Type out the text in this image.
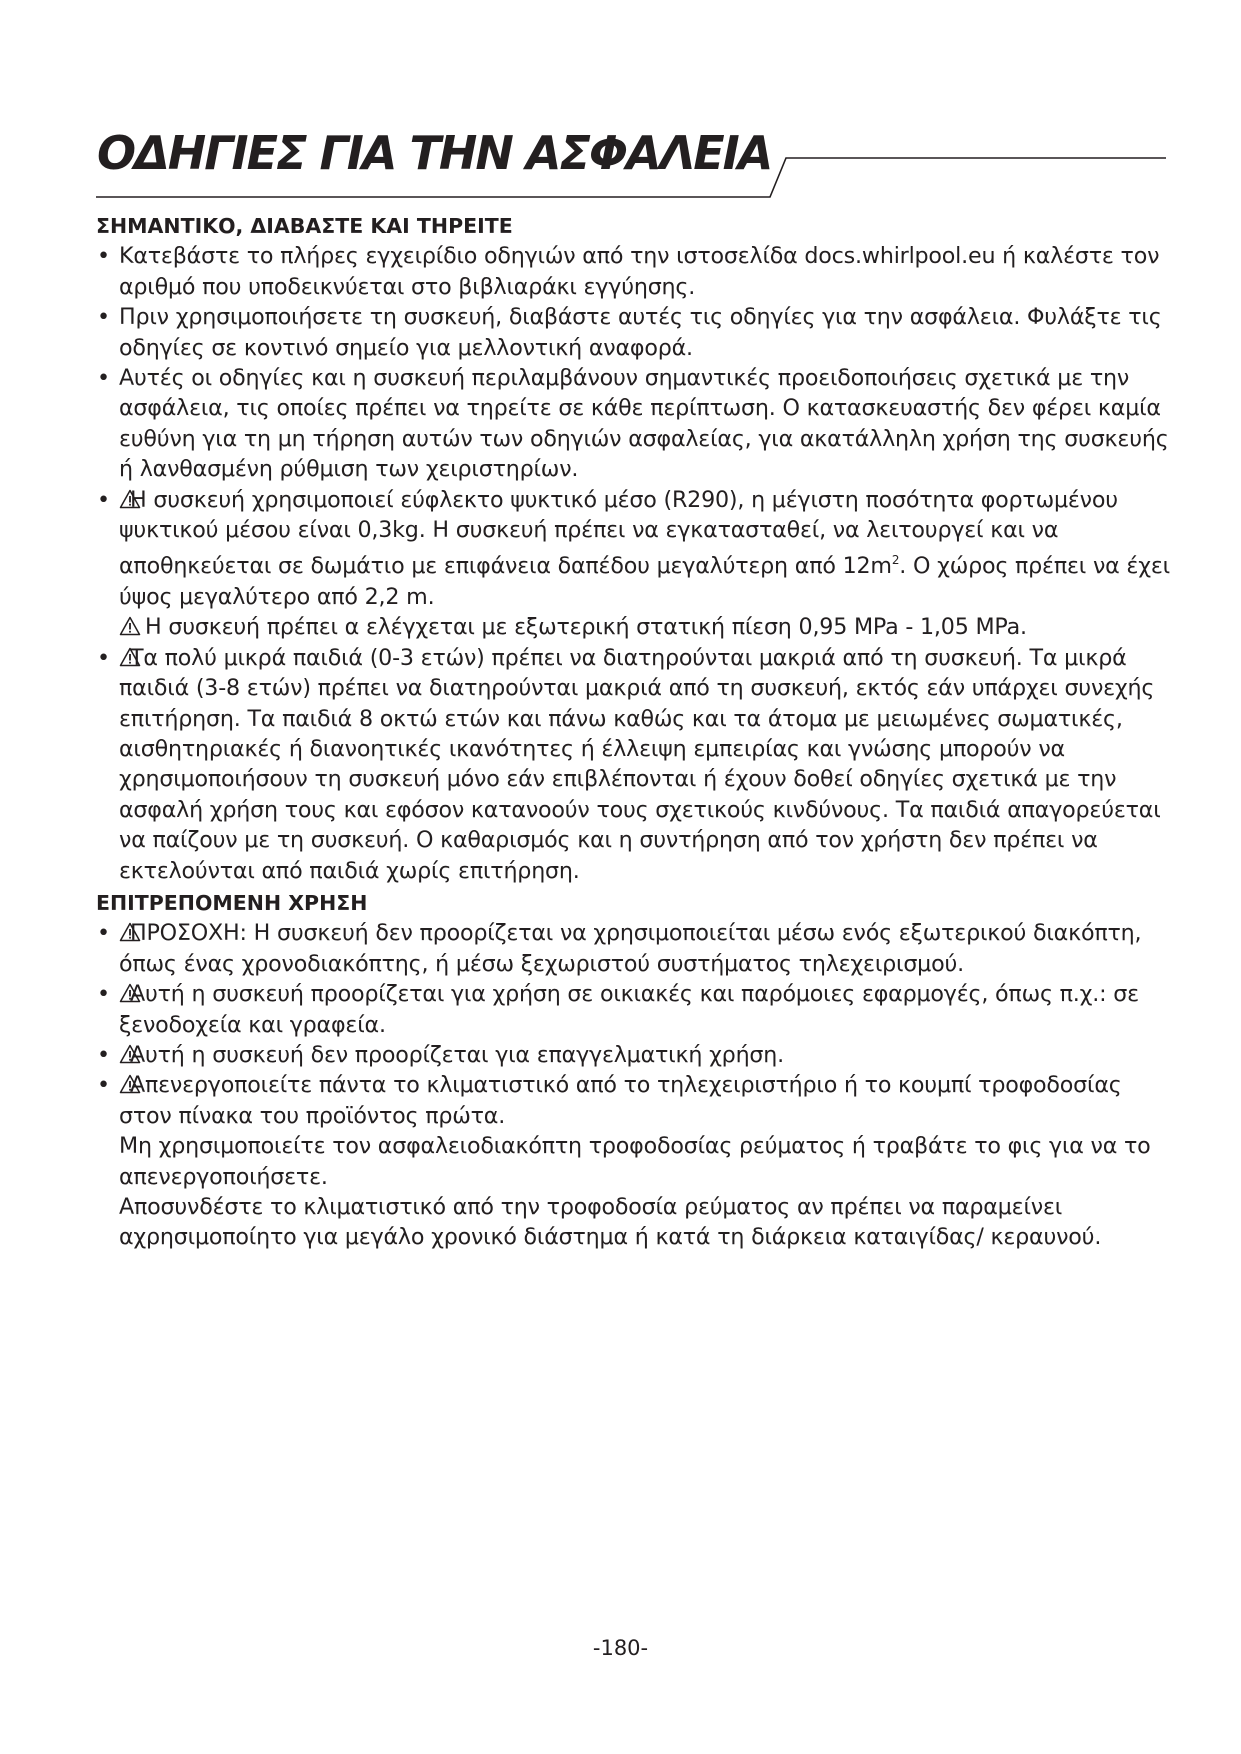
ΟΔΗΓΙΕΣ ΓΙΑ ΤΗΝ ΑΣΦΑΛΕΙΑ

ΣΗΜΑΝΤΙΚΟ, ΔΙΑΒΑΣΤΕ ΚΑΙ ΤΗΡΕΙΤΕ

• Κατεβάστε το πλήρες εγχειρίδιο οδηγιών από την ιστοσελίδα docs.whirlpool.eu ή καλέστε τον αριθμό που υποδεικνύεται στο βιβλιαράκι εγγύησης.
• Πριν χρησιμοποιήσετε τη συσκευή, διαβάστε αυτές τις οδηγίες για την ασφάλεια. Φυλάξτε τις οδηγίες σε κοντινό σημείο για μελλοντική αναφορά.
• Αυτές οι οδηγίες και η συσκευή περιλαμβάνουν σημαντικές προειδοποιήσεις σχετικά με την ασφάλεια, τις οποίες πρέπει να τηρείτε σε κάθε περίπτωση. Ο κατασκευαστής δεν φέρει καμία ευθύνη για τη μη τήρηση αυτών των οδηγιών ασφαλείας, για ακατάλληλη χρήση της συσκευής ή λανθασμένη ρύθμιση των χειριστηρίων.
• Η συσκευή χρησιμοποιεί εύφλεκτο ψυκτικό μέσο (R290), η μέγιστη ποσότητα φορτωμένου ψυκτικού μέσου είναι 0,3kg. Η συσκευή πρέπει να εγκατασταθεί, να λειτουργεί και να αποθηκεύεται σε δωμάτιο με επιφάνεια δαπέδου μεγαλύτερη από $12m^2$. Ο χώρος πρέπει να έχει ύψος μεγαλύτερο από 2,2 m.
Η συσκευή πρέπει α ελέγχεται με εξωτερική στατική πίεση 0,95 MPa - 1,05 MPa.
• Τα πολύ μικρά παιδιά (0-3 ετών) πρέπει να διατηρούνται μακριά από τη συσκευή. Τα μικρά παιδιά (3-8 ετών) πρέπει να διατηρούνται μακριά από τη συσκευή, εκτός εάν υπάρχει συνεχής επιτήρηση. Τα παιδιά 8 οκτώ ετών και πάνω καθώς και τα άτομα με μειωμένες σωματικές, αισθητηριακές ή διανοητικές ικανότητες ή έλλειψη εμπειρίας και γνώσης μπορούν να χρησιμοποιήσουν τη συσκευή μόνο εάν επιβλέπονται ή έχουν δοθεί οδηγίες σχετικά με την ασφαλή χρήση τους και εφόσον κατανοούν τους σχετικούς κινδύνους. Τα παιδιά απαγορεύεται να παίζουν με τη συσκευή. Ο καθαρισμός και η συντήρηση από τον χρήστη δεν πρέπει να εκτελούνται από παιδιά χωρίς επιτήρηση.

ΕΠΙΤΡΕΠΟΜΕΝΗ ΧΡΗΣΗ

• ΠΡΟΣΟΧΗ: Η συσκευή δεν προορίζεται να χρησιμοποιείται μέσω ενός εξωτερικού διακόπτη, όπως ένας χρονοδιακόπτης, ή μέσω ξεχωριστού συστήματος τηλεχειρισμού.
• Αυτή η συσκευή προορίζεται για χρήση σε οικιακές και παρόμοιες εφαρμογές, όπως π.χ.: σε ξενοδοχεία και γραφεία.
• Αυτή η συσκευή δεν προορίζεται για επαγγελματική χρήση.
• Απενεργοποιείτε πάντα το κλιματιστικό από το τηλεχειριστήριο ή το κουμπί τροφοδοσίας στον πίνακα του προϊόντος πρώτα.
Μη χρησιμοποιείτε τον ασφαλειοδιακόπτη τροφοδοσίας ρεύματος ή τραβάτε το φις για να το απενεργοποιήσετε.
Αποσυνδέστε το κλιματιστικό από την τροφοδοσία ρεύματος αν πρέπει να παραμείνει αχρησιμοποίητο για μεγάλο χρονικό διάστημα ή κατά τη διάρκεια καταιγίδας/ κεραυνού.
-180-
